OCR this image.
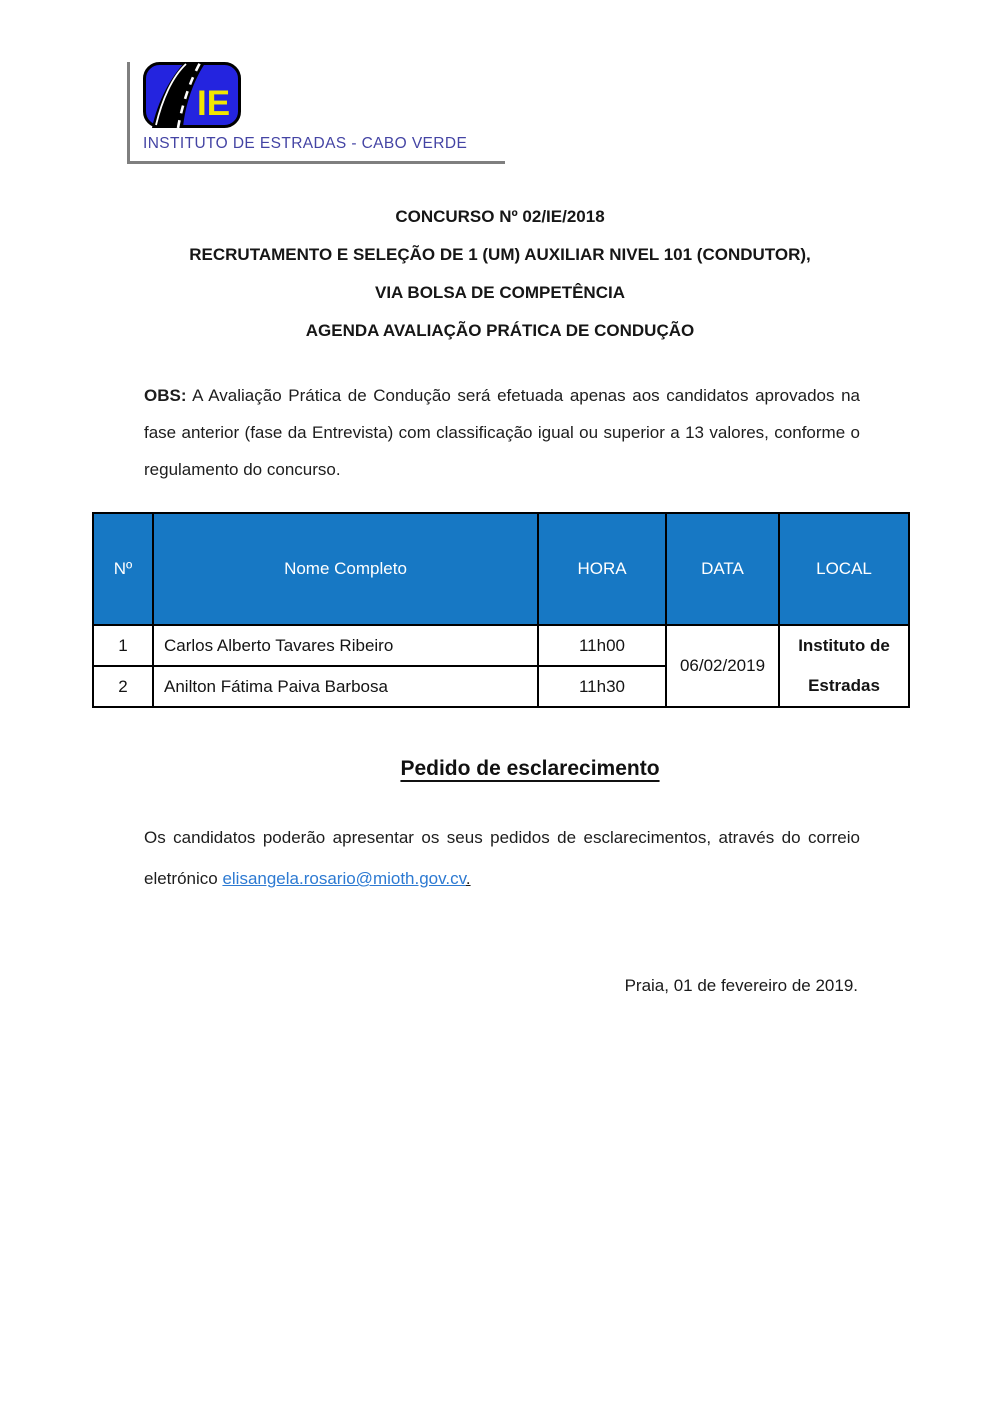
IE
INSTITUTO DE ESTRADAS - CABO VERDE
CONCURSO Nº 02/IE/2018
RECRUTAMENTO E SELEÇÃO DE 1 (UM) AUXILIAR NIVEL 101 (CONDUTOR),
VIA BOLSA DE COMPETÊNCIA
AGENDA AVALIAÇÃO PRÁTICA DE CONDUÇÃO

OBS: A Avaliação Prática de Condução será efetuada apenas aos candidatos aprovados na fase anterior (fase da Entrevista) com classificação igual ou superior a 13 valores, conforme o regulamento do concurso.

Nº	Nome Completo	HORA	DATA	LOCAL
1	Carlos Alberto Tavares Ribeiro	11h00	06/02/2019	Instituto de
Estradas

2	Anilton Fátima Paiva Barbosa	11h30		
Pedido de esclarecimento

Os candidatos poderão apresentar os seus pedidos de esclarecimentos, através do correio eletrónico elisangela.rosario@mioth.gov.cv.

Praia, 01 de fevereiro de 2019.
